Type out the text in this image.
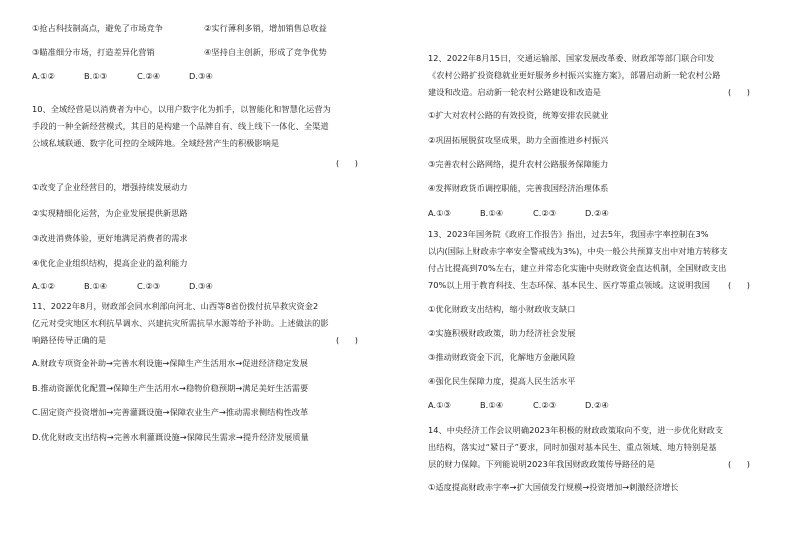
①抢占科技制高点，避免了市场竞争	②实行薄利多销，增加销售总收益
③瞄准细分市场，打造差异化营销	④坚持自主创新，形成了竞争优势
A.①②	B.①③	C.②④	D.③④
10、全域经营是以消费者为中心，以用户数字化为抓手，以智能化和智慧化运营为
手段的一种全新经营模式，其目的是构建一个品牌自有、线上线下一体化、全渠道
公域私域联通、数字化可控的全域阵地。全域经营产生的积极影响是
(      )
①改变了企业经营目的，增强持续发展动力
②实现精细化运营，为企业发展提供新思路
③改进消费体验，更好地满足消费者的需求
④优化企业组织结构，提高企业的盈利能力
A.①②	B.①④	C.②③	D.③④
11、2022年8月，财政部会同水利部向河北、山西等8省份拨付抗旱救灾资金2
亿元对受灾地区水利抗旱调水、兴建抗灾所需抗旱水源等给予补助。上述做法的影
响路径传导正确的是	(      )
A.财政专项资金补助→完善水利设施→保障生产生活用水→促进经济稳定发展
B.推动资源优化配置→保障生产生活用水→稳物价稳预期→满足美好生活需要
C.固定资产投资增加→完善灌溉设施→保障农业生产→推动需求侧结构性改革
D.优化财政支出结构→完善水利灌溉设施→保障民生需求→提升经济发展质量
12、2022年8月15日，交通运输部、国家发展改革委、财政部等部门联合印发
《农村公路扩投资稳就业更好服务乡村振兴实施方案》，部署启动新一轮农村公路
建设和改造。启动新一轮农村公路建设和改造是	(      )
①扩大对农村公路的有效投资，统筹安排农民就业
②巩固拓展脱贫攻坚成果，助力全面推进乡村振兴
③完善农村公路网络，提升农村公路服务保障能力
④发挥财政货币调控职能，完善我国经济治理体系
A.①③	B.①④	C.②③	D.②④
13、2023年国务院《政府工作报告》指出，过去5年，我国赤字率控制在3%
以内(国际上财政赤字率安全警戒线为3%)，中央一般公共预算支出中对地方转移支
付占比提高到70%左右，建立并常态化实施中央财政资金直达机制，全国财政支出
70%以上用于教育科技、生态环保、基本民生、医疗等重点领域。这说明我国 (      )
①优化财政支出结构，缩小财政收支缺口
②实施积极财政政策，助力经济社会发展
③推动财政资金下沉，化解地方金融风险
④强化民生保障力度，提高人民生活水平
A.①③	B.①④	C.②③	D.②④
14、中央经济工作会议明确2023年积极的财政政策取向不变，进一步优化财政支
出结构，落实过“紧日子”要求，同时加强对基本民生、重点领域、地方特别是基
层的财力保障。下列能说明2023年我国财政政策传导路径的是	(      )
①适度提高财政赤字率→扩大国债发行规模→投资增加→刺激经济增长
